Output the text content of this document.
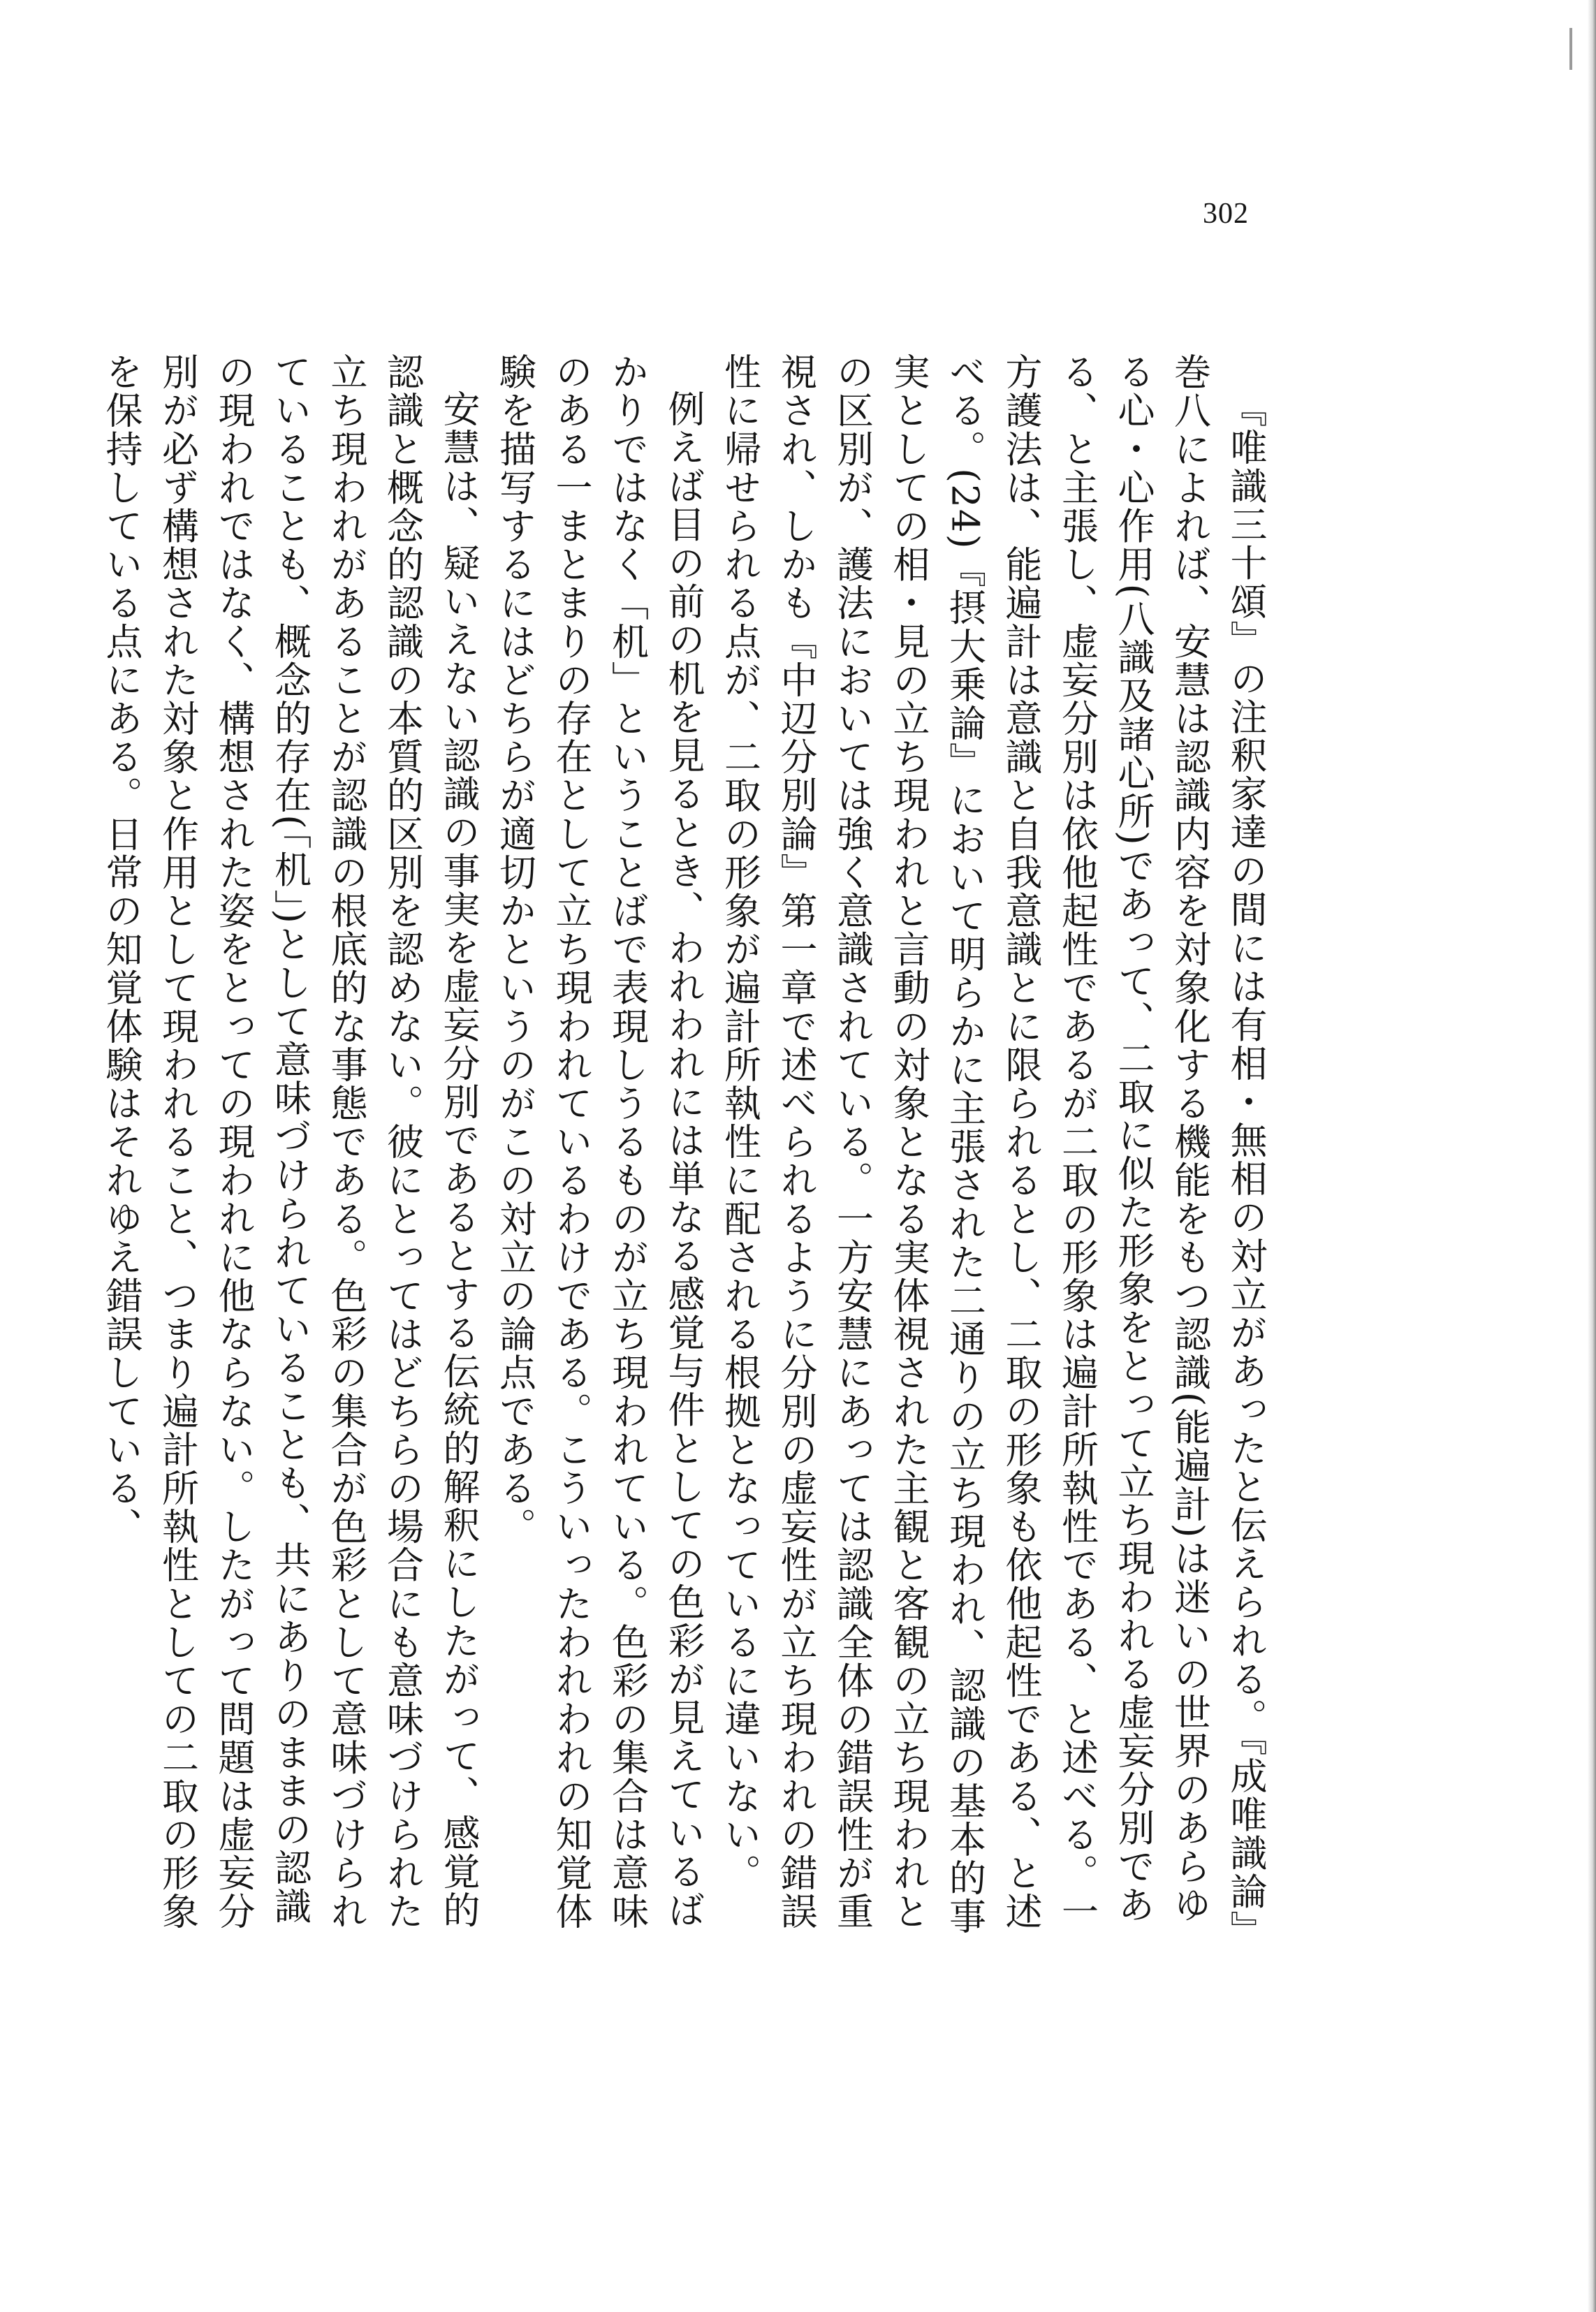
302

『唯識三十頌』の注釈家達の間には有相・無相の対立があったと伝えられる。『成唯識論』巻八によれば、安慧は認識内容を対象化する機能をもつ認識(能遍計)は迷いの世界のあらゆる心・心作用(八識及諸心所)であって、二取に似た形象をとって立ち現われる虚妄分別である、と主張し、虚妄分別は依他起性であるが二取の形象は遍計所執性である、と述べる。一方護法は、能遍計は意識と自我意識とに限られるとし、二取の形象も依他起性である、と述べる。(24)『摂大乗論』において明らかに主張された二通りの立ち現われ、認識の基本的事実としての相・見の立ち現われと言動の対象となる実体視された主観と客観の立ち現われとの区別が、護法においては強く意識されている。一方安慧にあっては認識全体の錯誤性が重視され、しかも『中辺分別論』第一章で述べられるように分別の虚妄性が立ち現われの錯誤性に帰せられる点が、二取の形象が遍計所執性に配される根拠となっているに違いない。

例えば目の前の机を見るとき、われわれには単なる感覚与件としての色彩が見えているばかりではなく「机」ということばで表現しうるものが立ち現われている。色彩の集合は意味のある一まとまりの存在として立ち現われているわけである。こういったわれわれの知覚体験を描写するにはどちらが適切かというのがこの対立の論点である。

安慧は、疑いえない認識の事実を虚妄分別であるとする伝統的解釈にしたがって、感覚的認識と概念的認識の本質的区別を認めない。彼にとってはどちらの場合にも意味づけられた立ち現われがあることが認識の根底的な事態である。色彩の集合が色彩として意味づけられていることも、概念的存在(「机」)として意味づけられていることも、共にありのままの認識の現われではなく、構想された姿をとっての現われに他ならない。したがって問題は虚妄分別が必ず構想された対象と作用として現われること、つまり遍計所執性としての二取の形象を保持している点にある。日常の知覚体験はそれゆえ錯誤している、
